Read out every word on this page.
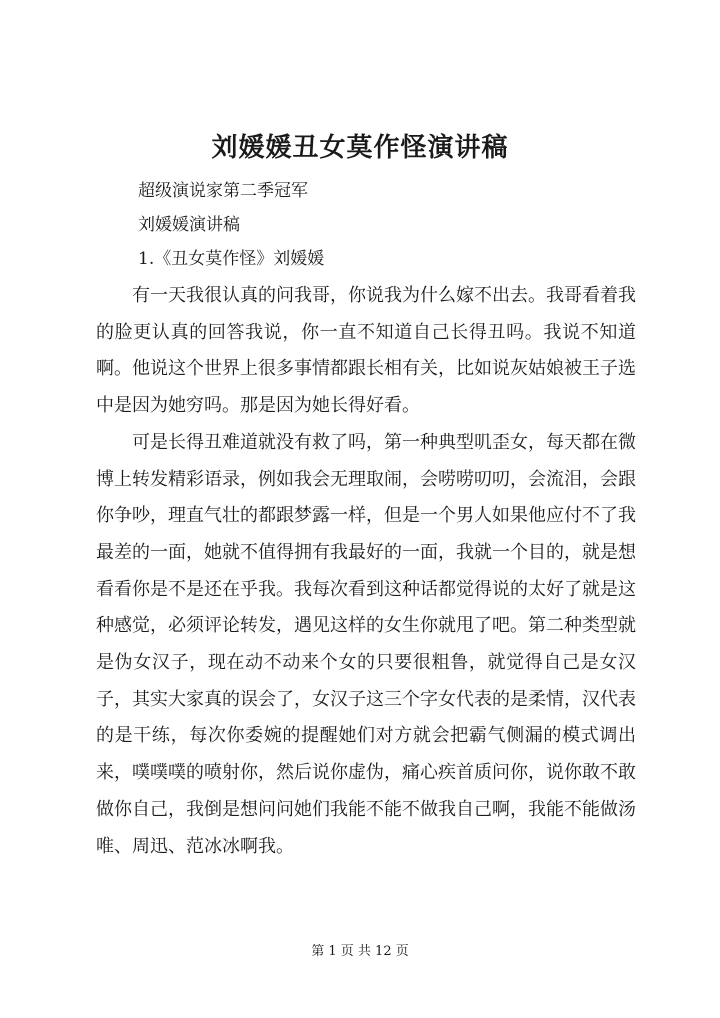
刘媛媛丑女莫作怪演讲稿
超级演说家第二季冠军
刘媛媛演讲稿
1.《丑女莫作怪》刘媛媛

有一天我很认真的问我哥，你说我为什么嫁不出去。我哥看着我的脸更认真的回答我说，你一直不知道自己长得丑吗。我说不知道啊。他说这个世界上很多事情都跟长相有关，比如说灰姑娘被王子选中是因为她穷吗。那是因为她长得好看。

可是长得丑难道就没有救了吗，第一种典型叽歪女，每天都在微博上转发精彩语录，例如我会无理取闹，会唠唠叨叨，会流泪，会跟你争吵，理直气壮的都跟梦露一样，但是一个男人如果他应付不了我最差的一面，她就不值得拥有我最好的一面，我就一个目的，就是想看看你是不是还在乎我。我每次看到这种话都觉得说的太好了就是这种感觉，必须评论转发，遇见这样的女生你就甩了吧。第二种类型就是伪女汉子，现在动不动来个女的只要很粗鲁，就觉得自己是女汉子，其实大家真的误会了，女汉子这三个字女代表的是柔情，汉代表的是干练，每次你委婉的提醒她们对方就会把霸气侧漏的模式调出来，噗噗噗的喷射你，然后说你虚伪，痛心疾首质问你，说你敢不敢做你自己，我倒是想问问她们我能不能不做我自己啊，我能不能做汤唯、周迅、范冰冰啊我。

第 1 页 共 12 页
